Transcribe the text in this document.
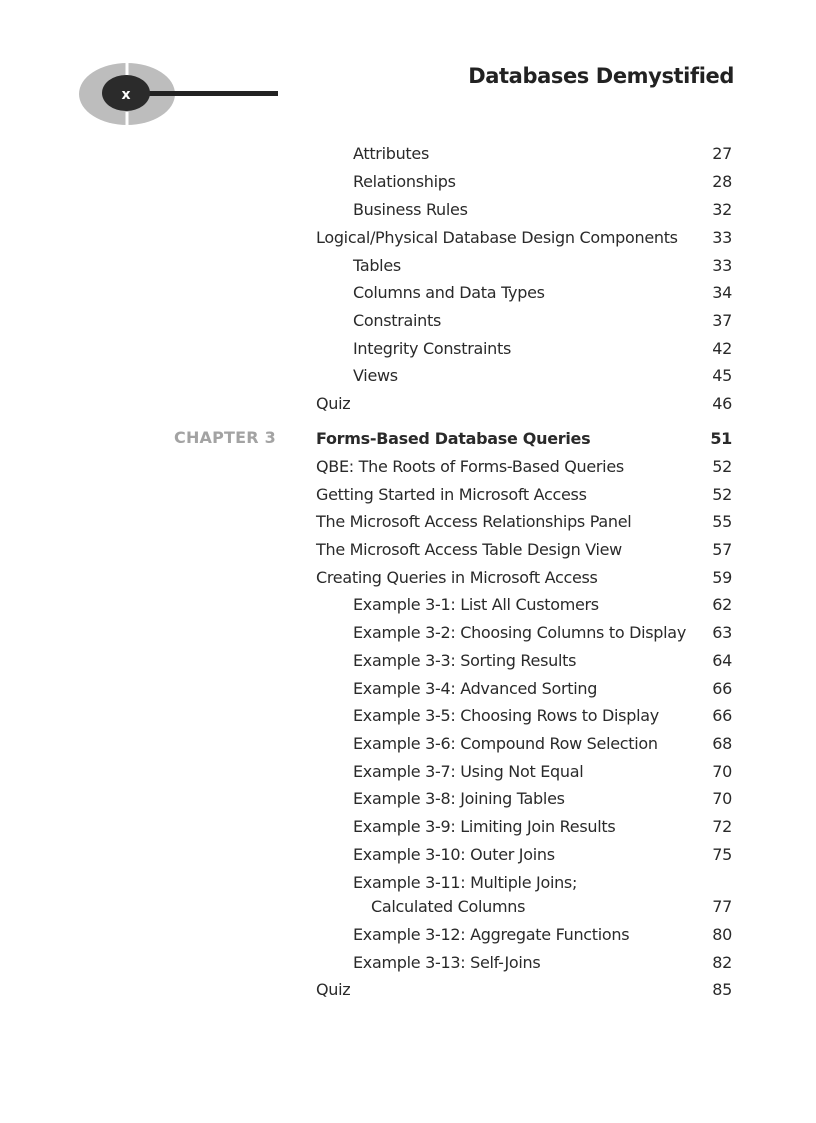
x
Databases Demystified
CHAPTER 3
Attributes	27
Relationships	28
Business Rules	32
Logical/Physical Database Design Components 33
Tables	33
Columns and Data Types	34
Constraints	37
Integrity Constraints	42
Views	45
Quiz	46
Forms-Based Database Queries	51
QBE: The Roots of Forms-Based Queries	52
Getting Started in Microsoft Access	52
The Microsoft Access Relationships Panel	55
The Microsoft Access Table Design View	57
Creating Queries in Microsoft Access	59
Example 3-1: List All Customers	62
Example 3-2: Choosing Columns to Display 63
Example 3-3: Sorting Results	64
Example 3-4: Advanced Sorting	66
Example 3-5: Choosing Rows to Display	66
Example 3-6: Compound Row Selection	68
Example 3-7: Using Not Equal	70
Example 3-8: Joining Tables	70
Example 3-9: Limiting Join Results	72
Example 3-10: Outer Joins	75
Example 3-11: Multiple Joins;
Calculated Columns	77
Example 3-12: Aggregate Functions	80
Example 3-13: Self-Joins	82
Quiz	85
